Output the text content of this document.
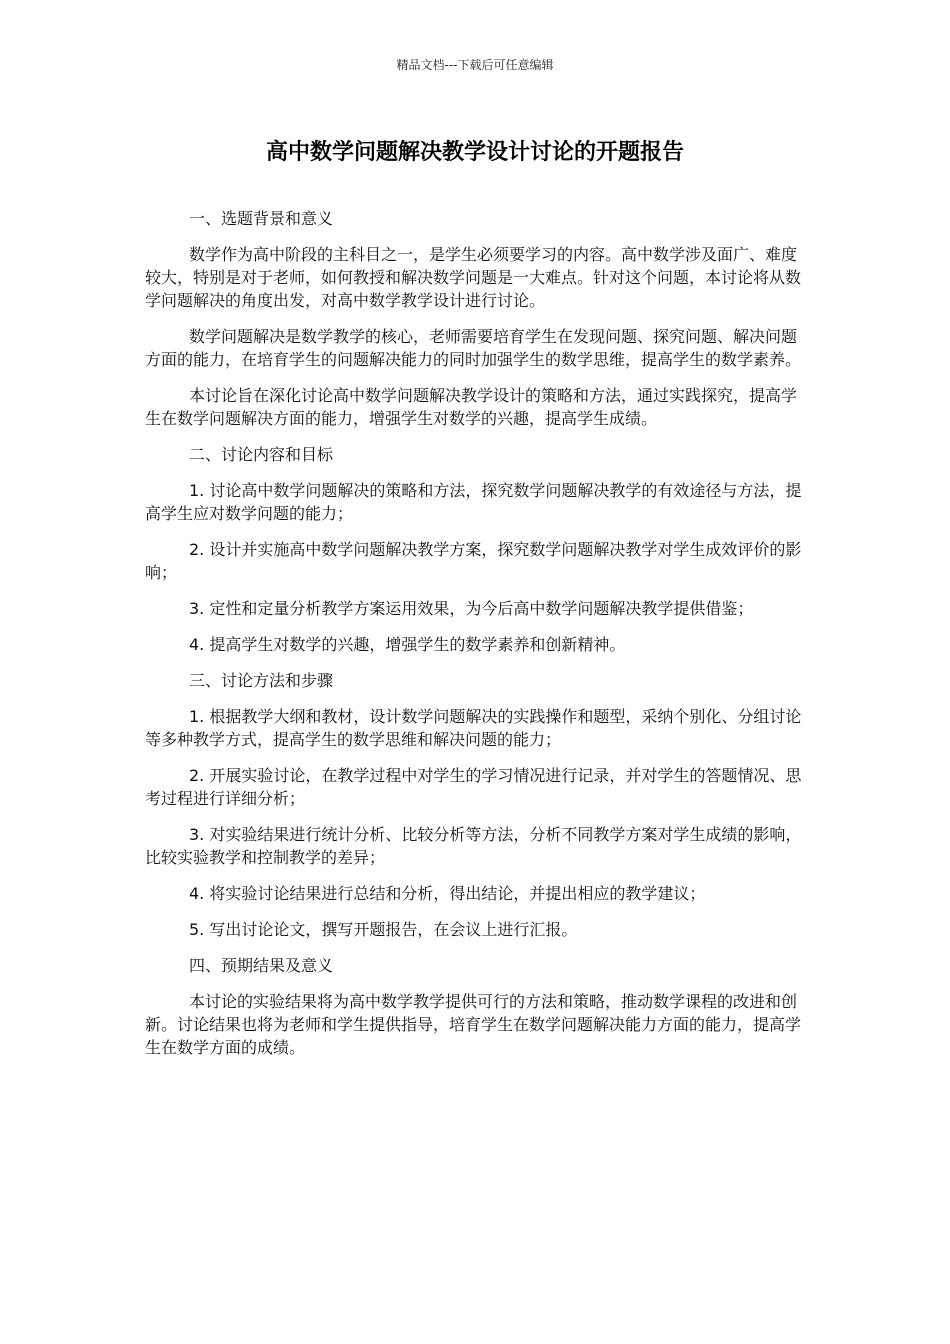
精品文档---下载后可任意编辑
高中数学问题解决教学设计讨论的开题报告
一、选题背景和意义
数学作为高中阶段的主科目之一，是学生必须要学习的内容。高中数学涉及面广、难度较大，特别是对于老师，如何教授和解决数学问题是一大难点。针对这个问题，本讨论将从数学问题解决的角度出发，对高中数学教学设计进行讨论。
数学问题解决是数学教学的核心，老师需要培育学生在发现问题、探究问题、解决问题方面的能力，在培育学生的问题解决能力的同时加强学生的数学思维，提高学生的数学素养。
本讨论旨在深化讨论高中数学问题解决教学设计的策略和方法，通过实践探究，提高学生在数学问题解决方面的能力，增强学生对数学的兴趣，提高学生成绩。
二、讨论内容和目标
1. 讨论高中数学问题解决的策略和方法，探究数学问题解决教学的有效途径与方法，提高学生应对数学问题的能力；
2. 设计并实施高中数学问题解决教学方案，探究数学问题解决教学对学生成效评价的影响；
3. 定性和定量分析教学方案运用效果，为今后高中数学问题解决教学提供借鉴；
4. 提高学生对数学的兴趣，增强学生的数学素养和创新精神。
三、讨论方法和步骤
1. 根据教学大纲和教材，设计数学问题解决的实践操作和题型，采纳个别化、分组讨论等多种教学方式，提高学生的数学思维和解决问题的能力；
2. 开展实验讨论，在教学过程中对学生的学习情况进行记录，并对学生的答题情况、思考过程进行详细分析；
3. 对实验结果进行统计分析、比较分析等方法，分析不同教学方案对学生成绩的影响，比较实验教学和控制教学的差异；
4. 将实验讨论结果进行总结和分析，得出结论，并提出相应的教学建议；
5. 写出讨论论文，撰写开题报告，在会议上进行汇报。
四、预期结果及意义
本讨论的实验结果将为高中数学教学提供可行的方法和策略，推动数学课程的改进和创新。讨论结果也将为老师和学生提供指导，培育学生在数学问题解决能力方面的能力，提高学生在数学方面的成绩。
